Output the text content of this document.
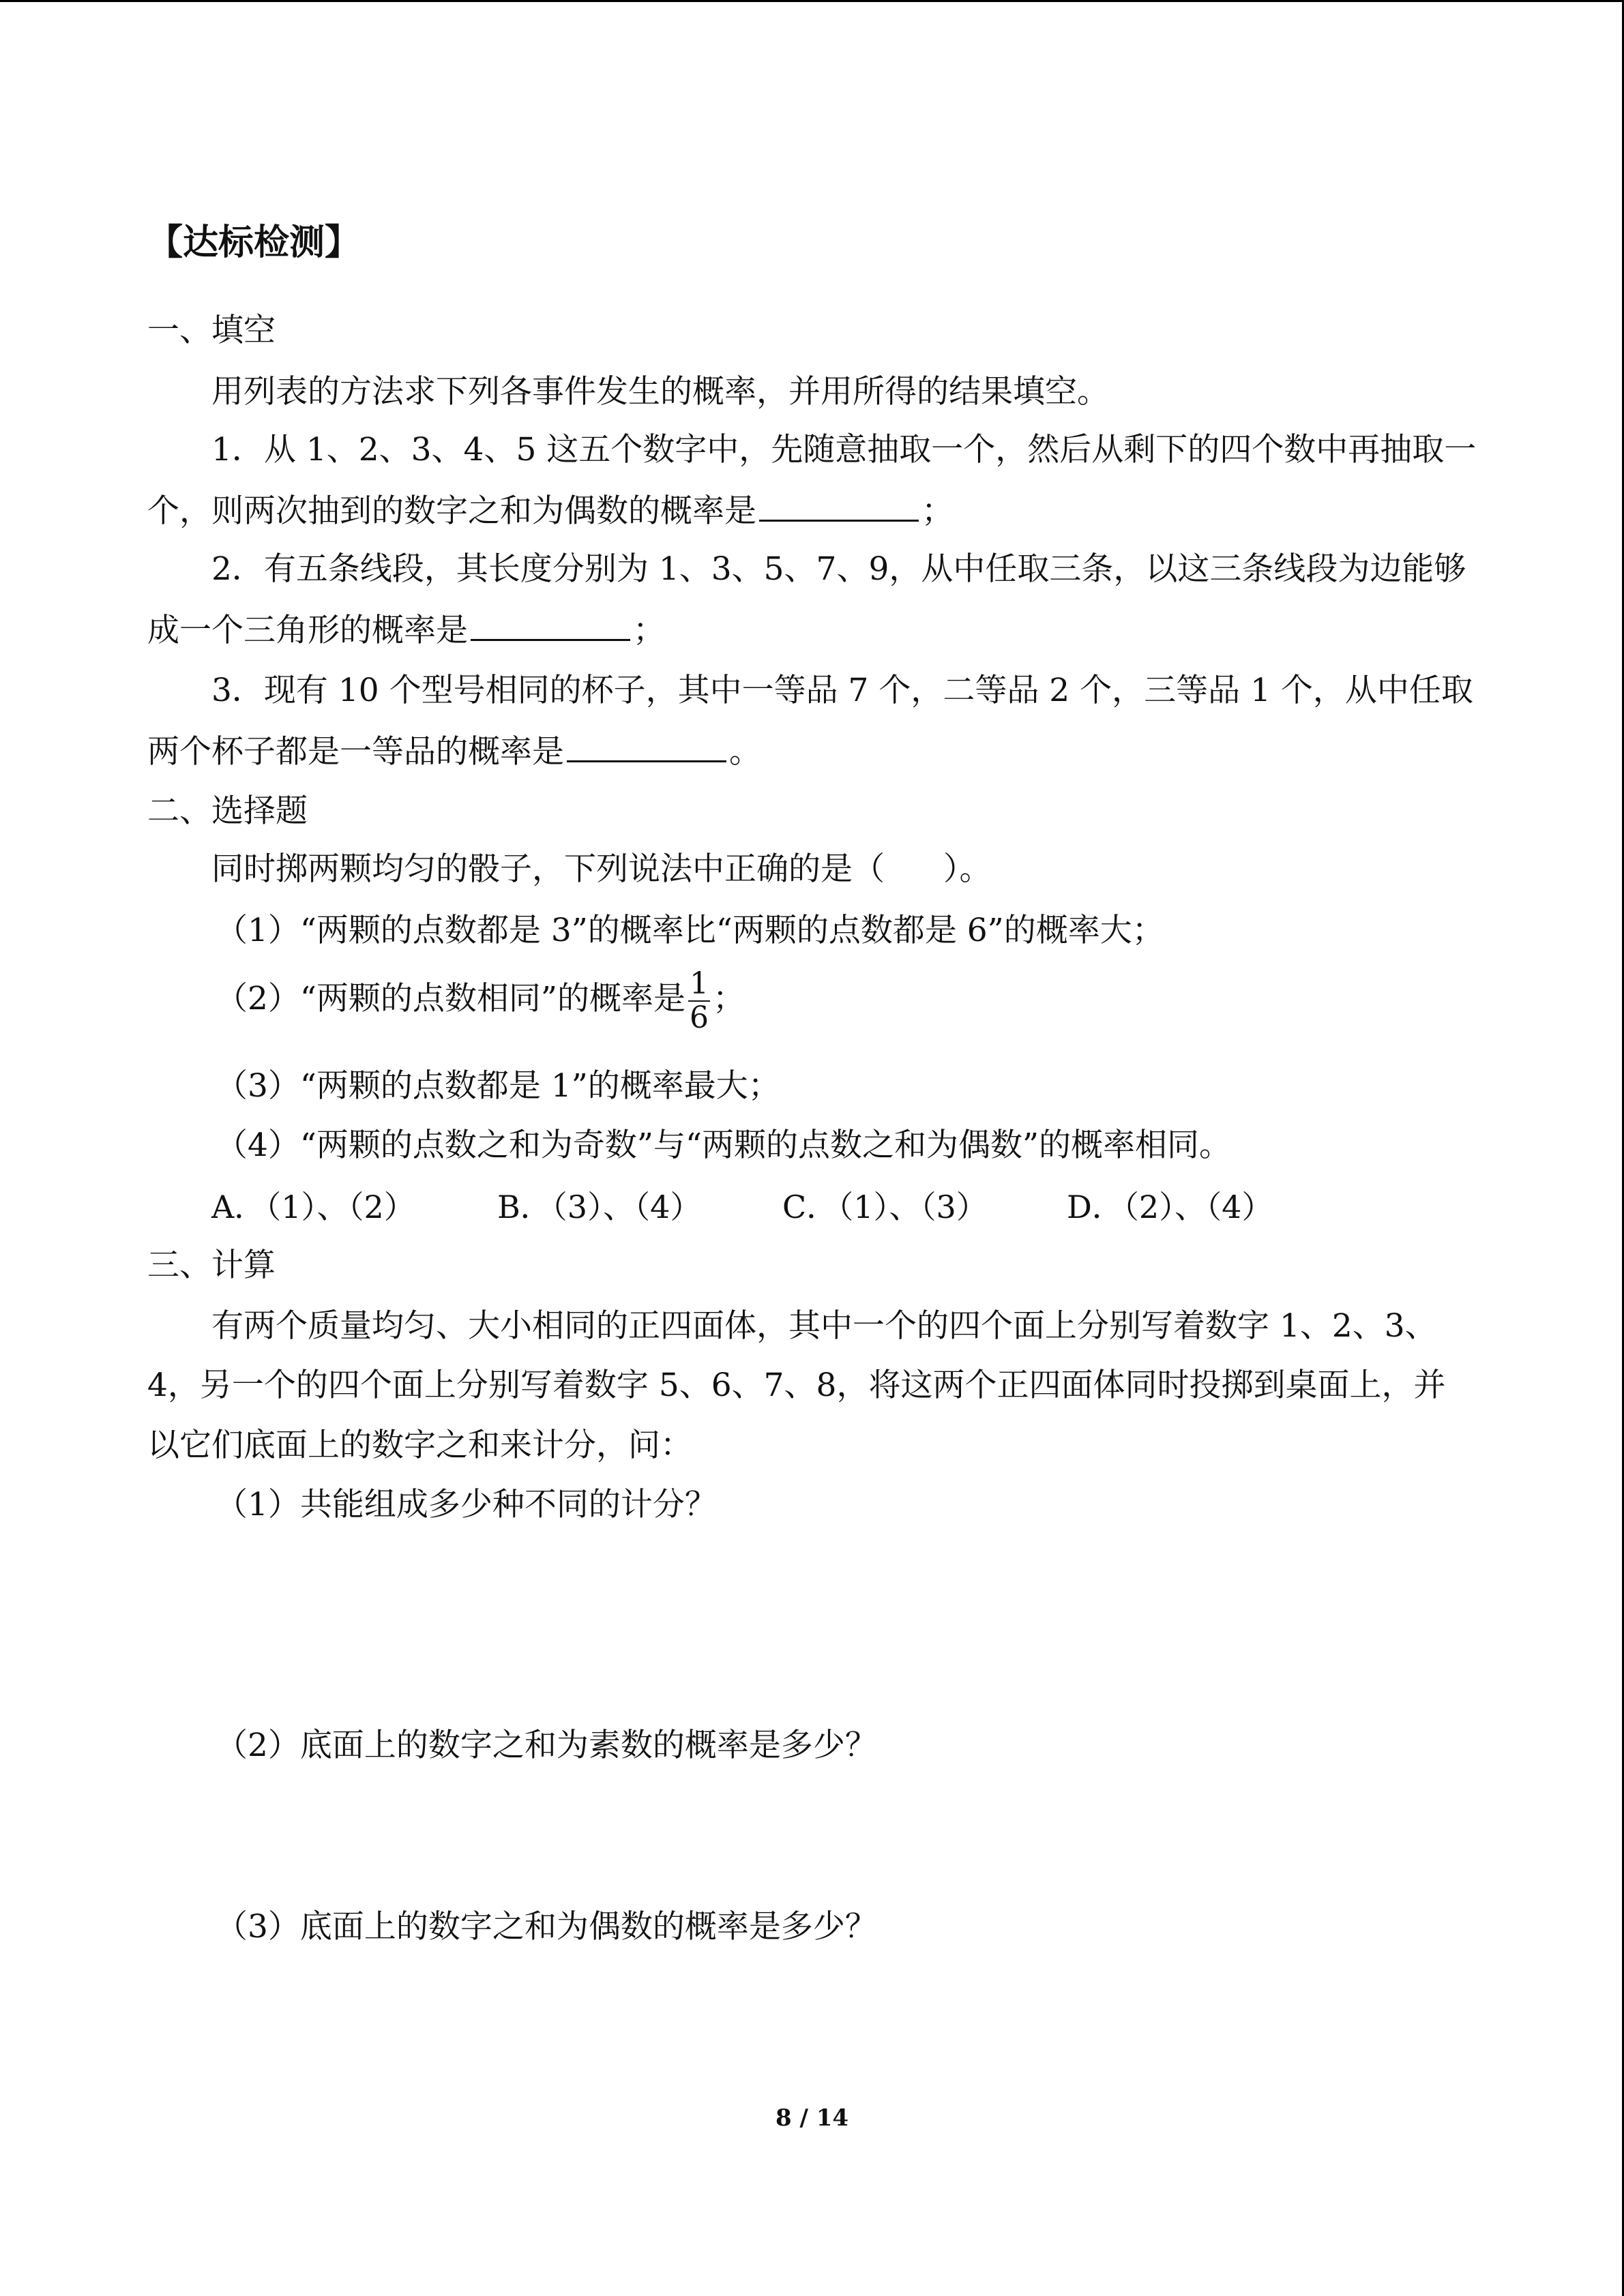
【达标检测】
一、填空
用列表的方法求下列各事件发生的概率，并用所得的结果填空。
1．从 1、2、3、4、5 这五个数字中，先随意抽取一个，然后从剩下的四个数中再抽取一
个，则两次抽到的数字之和为偶数的概率是	；
2．有五条线段，其长度分别为 1、3、5、7、9，从中任取三条，以这三条线段为边能够
成一个三角形的概率是	；
3．现有 10 个型号相同的杯子，其中一等品 7 个，二等品 2 个，三等品 1 个，从中任取
两个杯子都是一等品的概率是	。
二、选择题
同时掷两颗均匀的骰子，下列说法中正确的是（ ）。
（1）“两颗的点数都是 3”的概率比“两颗的点数都是 6”的概率大；
（2）“两颗的点数相同”的概率是 $\frac{1}{6}$ ；
（3）“两颗的点数都是 1”的概率最大；
（4）“两颗的点数之和为奇数”与“两颗的点数之和为偶数”的概率相同。
A．（1）、（2）	B．（3）、（4）	C．（1）、（3）	D．（2）、（4）
三、计算
有两个质量均匀、大小相同的正四面体，其中一个的四个面上分别写着数字 1、2、3、
4，另一个的四个面上分别写着数字 5、6、7、8，将这两个正四面体同时投掷到桌面上，并
以它们底面上的数字之和来计分，问：
（1）共能组成多少种不同的计分？
（2）底面上的数字之和为素数的概率是多少？
（3）底面上的数字之和为偶数的概率是多少？
8 / 14
